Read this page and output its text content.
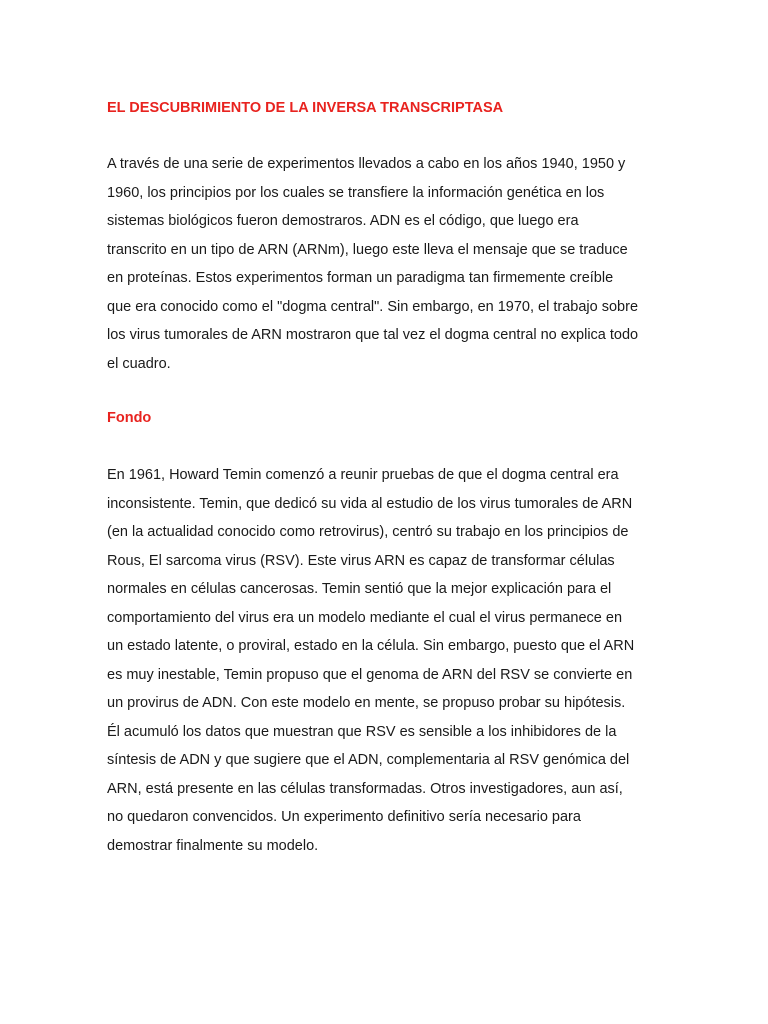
EL DESCUBRIMIENTO DE LA INVERSA TRANSCRIPTASA

A través de una serie de experimentos llevados a cabo en los años 1940, 1950 y
1960, los principios por los cuales se transfiere la información genética en los
sistemas biológicos fueron demostraros. ADN es el código, que luego era
transcrito en un tipo de ARN (ARNm), luego este lleva el mensaje que se traduce
en proteínas. Estos experimentos forman un paradigma tan firmemente creíble
que era conocido como el "dogma central". Sin embargo, en 1970, el trabajo sobre
los virus tumorales de ARN mostraron que tal vez el dogma central no explica todo
el cuadro.

Fondo

En 1961, Howard Temin comenzó a reunir pruebas de que el dogma central era
inconsistente. Temin, que dedicó su vida al estudio de los virus tumorales de ARN
(en la actualidad conocido como retrovirus), centró su trabajo en los principios de
Rous, El sarcoma virus (RSV). Este virus ARN es capaz de transformar células
normales en células cancerosas. Temin sentió que la mejor explicación para el
comportamiento del virus era un modelo mediante el cual el virus permanece en
un estado latente, o proviral, estado en la célula. Sin embargo, puesto que el ARN
es muy inestable, Temin propuso que el genoma de ARN del RSV se convierte en
un provirus de ADN. Con este modelo en mente, se propuso probar su hipótesis.
Él acumuló los datos que muestran que RSV es sensible a los inhibidores de la
síntesis de ADN y que sugiere que el ADN, complementaria al RSV genómica del
ARN, está presente en las células transformadas. Otros investigadores, aun así,
no quedaron convencidos. Un experimento definitivo sería necesario para
demostrar finalmente su modelo.
